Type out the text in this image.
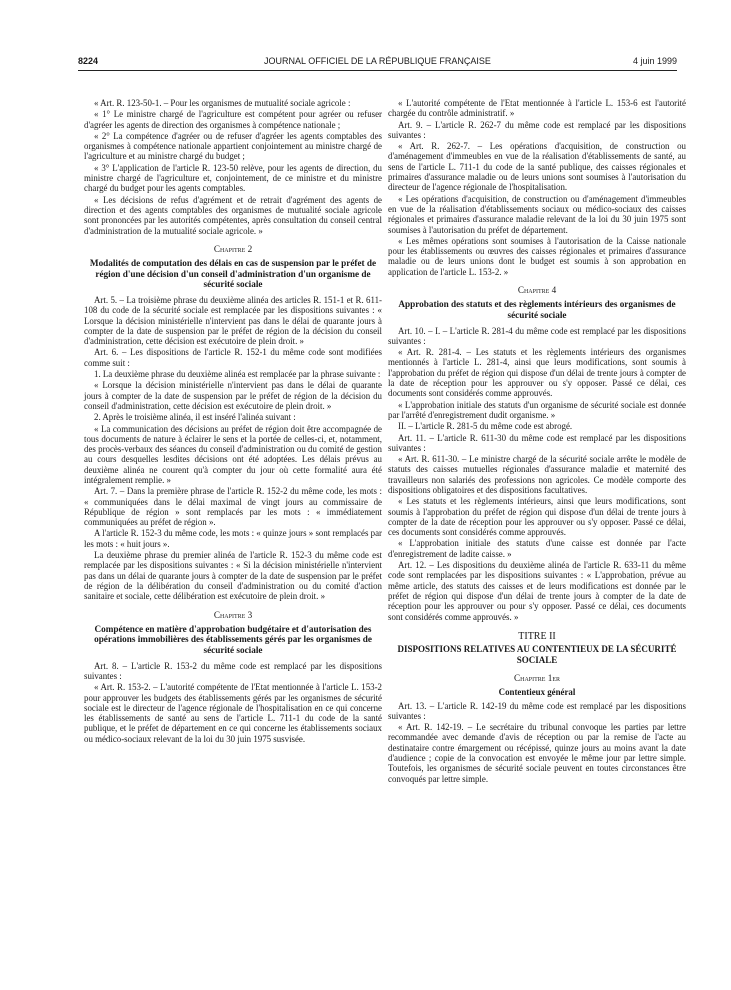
8224	JOURNAL OFFICIEL DE LA RÉPUBLIQUE FRANÇAISE	4 juin 1999

« Art. R. 123-50-1. – Pour les organismes de mutualité sociale agricole :

« 1° Le ministre chargé de l'agriculture est compétent pour agréer ou refuser d'agréer les agents de direction des organismes à compétence nationale ;

« 2° La compétence d'agréer ou de refuser d'agréer les agents comptables des organismes à compétence nationale appartient conjointement au ministre chargé de l'agriculture et au ministre chargé du budget ;

« 3° L'application de l'article R. 123-50 relève, pour les agents de direction, du ministre chargé de l'agriculture et, conjointement, de ce ministre et du ministre chargé du budget pour les agents comptables.

« Les décisions de refus d'agrément et de retrait d'agrément des agents de direction et des agents comptables des organismes de mutualité sociale agricole sont prononcées par les autorités compétentes, après consultation du conseil central d'administration de la mutualité sociale agricole. »

Chapitre 2

Modalités de computation des délais en cas de suspension par le préfet de région d'une décision d'un conseil d'administration d'un organisme de sécurité sociale

Art. 5. – La troisième phrase du deuxième alinéa des articles R. 151-1 et R. 611-108 du code de la sécurité sociale est remplacée par les dispositions suivantes : « Lorsque la décision ministérielle n'intervient pas dans le délai de quarante jours à compter de la date de suspension par le préfet de région de la décision du conseil d'administration, cette décision est exécutoire de plein droit. »

Art. 6. – Les dispositions de l'article R. 152-1 du même code sont modifiées comme suit :

1. La deuxième phrase du deuxième alinéa est remplacée par la phrase suivante :

« Lorsque la décision ministérielle n'intervient pas dans le délai de quarante jours à compter de la date de suspension par le préfet de région de la décision du conseil d'administration, cette décision est exécutoire de plein droit. »

2. Après le troisième alinéa, il est inséré l'alinéa suivant :

« La communication des décisions au préfet de région doit être accompagnée de tous documents de nature à éclairer le sens et la portée de celles-ci, et, notamment, des procès-verbaux des séances du conseil d'administration ou du comité de gestion au cours desquelles lesdites décisions ont été adoptées. Les délais prévus au deuxième alinéa ne courent qu'à compter du jour où cette formalité aura été intégralement remplie. »

Art. 7. – Dans la première phrase de l'article R. 152-2 du même code, les mots : « communiquées dans le délai maximal de vingt jours au commissaire de République de région » sont remplacés par les mots : « immédiatement communiquées au préfet de région ».

A l'article R. 152-3 du même code, les mots : « quinze jours » sont remplacés par les mots : « huit jours ».

La deuxième phrase du premier alinéa de l'article R. 152-3 du même code est remplacée par les dispositions suivantes : « Si la décision ministérielle n'intervient pas dans un délai de quarante jours à compter de la date de suspension par le préfet de région de la délibération du conseil d'administration ou du comité d'action sanitaire et sociale, cette délibération est exécutoire de plein droit. »

Chapitre 3

Compétence en matière d'approbation budgétaire et d'autorisation des opérations immobilières des établissements gérés par les organismes de sécurité sociale

Art. 8. – L'article R. 153-2 du même code est remplacé par les dispositions suivantes :

« Art. R. 153-2. – L'autorité compétente de l'Etat mentionnée à l'article L. 153-2 pour approuver les budgets des établissements gérés par les organismes de sécurité sociale est le directeur de l'agence régionale de l'hospitalisation en ce qui concerne les établissements de santé au sens de l'article L. 711-1 du code de la santé publique, et le préfet de département en ce qui concerne les établissements sociaux ou médico-sociaux relevant de la loi du 30 juin 1975 susvisée.

« L'autorité compétente de l'Etat mentionnée à l'article L. 153-6 est l'autorité chargée du contrôle administratif. »

Art. 9. – L'article R. 262-7 du même code est remplacé par les dispositions suivantes :

« Art. R. 262-7. – Les opérations d'acquisition, de construction ou d'aménagement d'immeubles en vue de la réalisation d'établissements de santé, au sens de l'article L. 711-1 du code de la santé publique, des caisses régionales et primaires d'assurance maladie ou de leurs unions sont soumises à l'autorisation du directeur de l'agence régionale de l'hospitalisation.

« Les opérations d'acquisition, de construction ou d'aménagement d'immeubles en vue de la réalisation d'établissements sociaux ou médico-sociaux des caisses régionales et primaires d'assurance maladie relevant de la loi du 30 juin 1975 sont soumises à l'autorisation du préfet de département.

« Les mêmes opérations sont soumises à l'autorisation de la Caisse nationale pour les établissements ou œuvres des caisses régionales et primaires d'assurance maladie ou de leurs unions dont le budget est soumis à son approbation en application de l'article L. 153-2. »

Chapitre 4

Approbation des statuts et des règlements intérieurs des organismes de sécurité sociale

Art. 10. – I. – L'article R. 281-4 du même code est remplacé par les dispositions suivantes :

« Art. R. 281-4. – Les statuts et les règlements intérieurs des organismes mentionnés à l'article L. 281-4, ainsi que leurs modifications, sont soumis à l'approbation du préfet de région qui dispose d'un délai de trente jours à compter de la date de réception pour les approuver ou s'y opposer. Passé ce délai, ces documents sont considérés comme approuvés.

« L'approbation initiale des statuts d'un organisme de sécurité sociale est donnée par l'arrêté d'enregistrement dudit organisme. »

II. – L'article R. 281-5 du même code est abrogé.

Art. 11. – L'article R. 611-30 du même code est remplacé par les dispositions suivantes :

« Art. R. 611-30. – Le ministre chargé de la sécurité sociale arrête le modèle de statuts des caisses mutuelles régionales d'assurance maladie et maternité des travailleurs non salariés des professions non agricoles. Ce modèle comporte des dispositions obligatoires et des dispositions facultatives.

« Les statuts et les règlements intérieurs, ainsi que leurs modifications, sont soumis à l'approbation du préfet de région qui dispose d'un délai de trente jours à compter de la date de réception pour les approuver ou s'y opposer. Passé ce délai, ces documents sont considérés comme approuvés.

« L'approbation initiale des statuts d'une caisse est donnée par l'acte d'enregistrement de ladite caisse. »

Art. 12. – Les dispositions du deuxième alinéa de l'article R. 633-11 du même code sont remplacées par les dispositions suivantes : « L'approbation, prévue au même article, des statuts des caisses et de leurs modifications est donnée par le préfet de région qui dispose d'un délai de trente jours à compter de la date de réception pour les approuver ou pour s'y opposer. Passé ce délai, ces documents sont considérés comme approuvés. »

TITRE II

DISPOSITIONS RELATIVES AU CONTENTIEUX DE LA SÉCURITÉ SOCIALE

Chapitre 1er

Contentieux général

Art. 13. – L'article R. 142-19 du même code est remplacé par les dispositions suivantes :

« Art. R. 142-19. – Le secrétaire du tribunal convoque les parties par lettre recommandée avec demande d'avis de réception ou par la remise de l'acte au destinataire contre émargement ou récépissé, quinze jours au moins avant la date d'audience ; copie de la convocation est envoyée le même jour par lettre simple. Toutefois, les organismes de sécurité sociale peuvent en toutes circonstances être convoqués par lettre simple.
